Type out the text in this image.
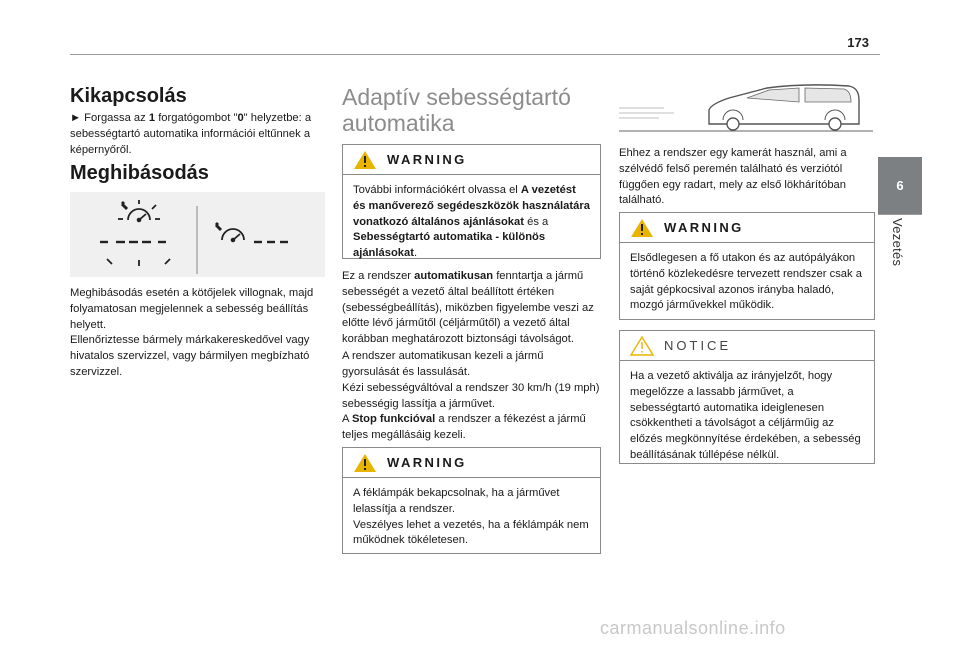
173
6
Vezetés
Kikapcsolás

► Forgassa az 1 forgatógombot "0" helyzetbe: a sebességtartó automatika információi eltűnnek a képernyőről.

Meghibásodás

Meghibásodás esetén a kötőjelek villognak, majd folyamatosan megjelennek a sebesség beállítás helyett.

Ellenőriztesse bármely márkakereskedővel vagy hivatalos szervizzel, vagy bármilyen megbízható szervizzel.

Adaptív sebességtartó
automatika
WARNING
További információkért olvassa el A vezetést és manőverező segédeszközök használatára vonatkozó általános ajánlásokat és a Sebességtartó automatika - különös ajánlásokat.

Ez a rendszer automatikusan fenntartja a jármű sebességét a vezető által beállított értéken (sebességbeállítás), miközben figyelembe veszi az előtte lévő járműtől (céljárműtől) a vezető által korábban meghatározott biztonsági távolságot.

A rendszer automatikusan kezeli a jármű gyorsulását és lassulását.

Kézi sebességváltóval a rendszer 30 km/h (19 mph) sebességig lassítja a járművet.

A Stop funkcióval a rendszer a fékezést a jármű teljes megállásáig kezeli.

WARNING
A féklámpák bekapcsolnak, ha a járművet lelassítja a rendszer.
Veszélyes lehet a vezetés, ha a féklámpák nem működnek tökéletesen.

Ehhez a rendszer egy kamerát használ, ami a szélvédő felső peremén található és verziótól függően egy radart, mely az első lökhárítóban található.

WARNING
Elsődlegesen a fő utakon és az autópályákon történő közlekedésre tervezett rendszer csak a saját gépkocsival azonos irányba haladó, mozgó járművekkel működik.
NOTICE
Ha a vezető aktiválja az irányjelzőt, hogy megelőzze a lassabb járművet, a sebességtartó automatika ideiglenesen csökkentheti a távolságot a céljárműig az előzés megkönnyítése érdekében, a sebesség beállításának túllépése nélkül.
carmanualsonline.info
